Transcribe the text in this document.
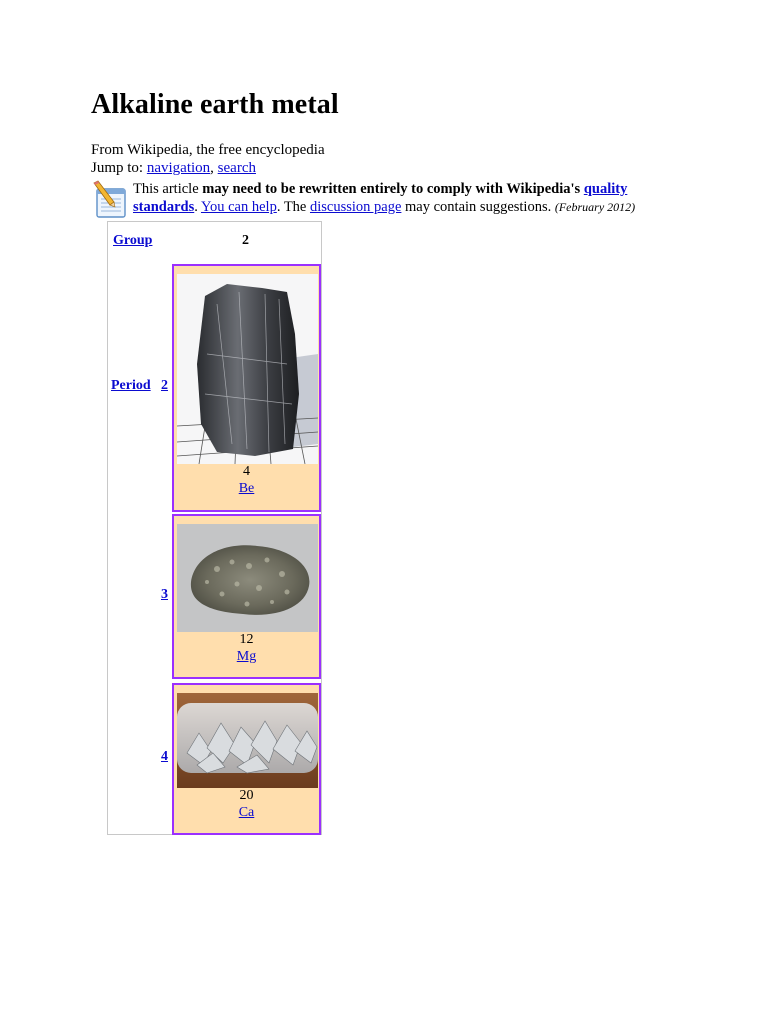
Alkaline earth metal
From Wikipedia, the free encyclopedia
Jump to: navigation, search
This article may need to be rewritten entirely to comply with Wikipedia's quality standards. You can help. The discussion page may contain suggestions. (February 2012)
Group	2
Period 2
3
4
4
Be
12
Mg
20
Ca
